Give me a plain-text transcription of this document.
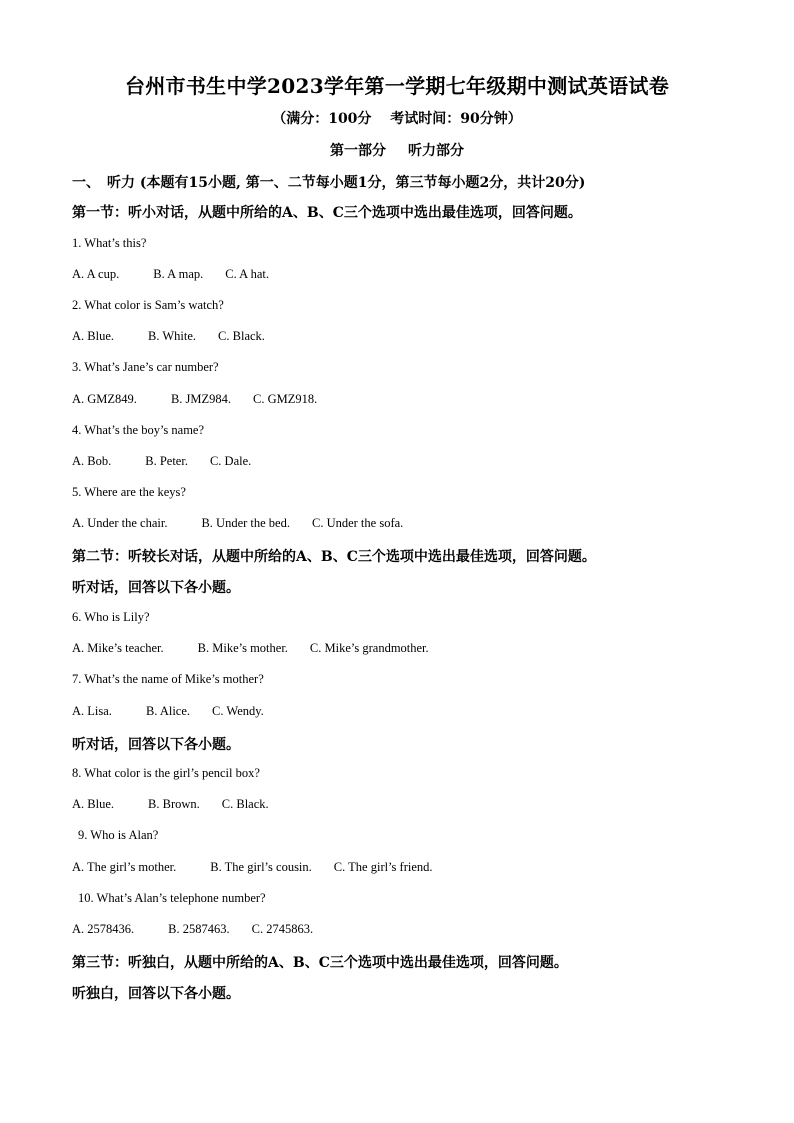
台州市书生中学2023学年第一学期七年级期中测试英语试卷
（满分：100分　 考试时间：90分钟）
第一部分 听力部分
一、　听力 (本题有15小题, 第一、二节每小题1分，第三节每小题2分，共计20分)
第一节：听小对话，从题中所给的A、B、C三个选项中选出最佳选项，回答问题。
1. What’s this?
A. A cup.	B. A map. C. A hat.
2. What color is Sam’s watch?
A. Blue.	B. White. C. Black.
3. What’s Jane’s car number?
A. GMZ849.	B. JMZ984. C. GMZ918.
4. What’s the boy’s name?
A. Bob.	B. Peter. C. Dale.
5. Where are the keys?
A. Under the chair.	B. Under the bed. C. Under the sofa.
第二节：听较长对话，从题中所给的A、B、C三个选项中选出最佳选项，回答问题。
听对话，回答以下各小题。
6. Who is Lily?
A. Mike’s teacher.	B. Mike’s mother. C. Mike’s grandmother.
7. What’s the name of Mike’s mother?
A. Lisa.	B. Alice. C. Wendy.
听对话，回答以下各小题。
8. What color is the girl’s pencil box?
A. Blue.	B. Brown. C. Black.
9. Who is Alan?
A. The girl’s mother.	B. The girl’s cousin. C. The girl’s friend.
10. What’s Alan’s telephone number?
A. 2578436.	B. 2587463. C. 2745863.
第三节：听独白，从题中所给的A、B、C三个选项中选出最佳选项，回答问题。
听独白，回答以下各小题。
